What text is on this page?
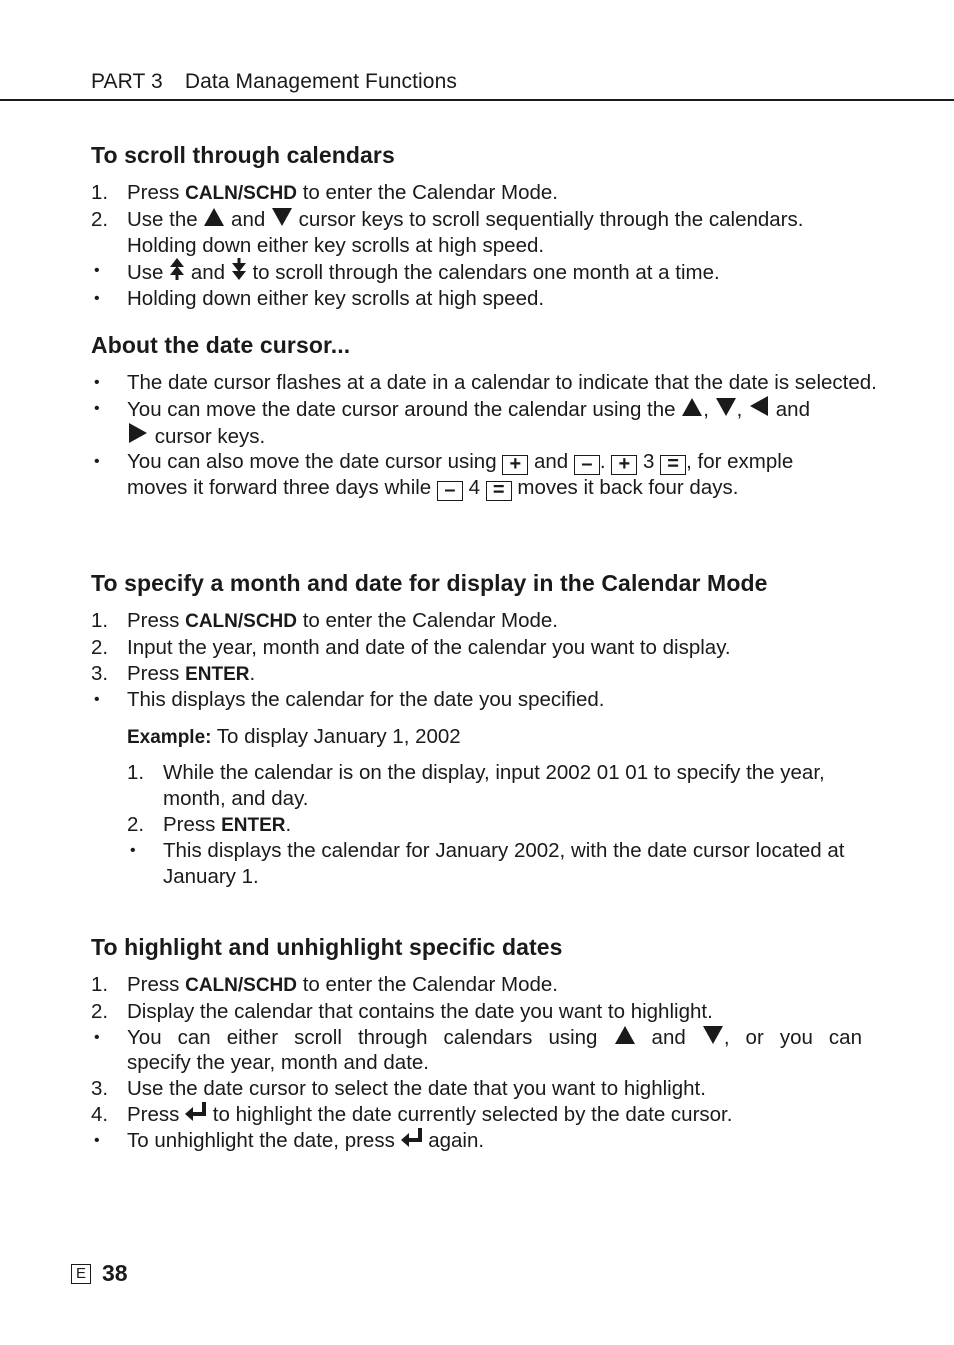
PART 3 Data Management Functions
To scroll through calendars
1. Press CALN/SCHD to enter the Calendar Mode.
2. Use the  and  cursor keys to scroll sequentially through the calendars.
Holding down either key scrolls at high speed.
• Use  and  to scroll through the calendars one month at a time.
• Holding down either key scrolls at high speed.
About the date cursor...
• The date cursor flashes at a date in a calendar to indicate that the date is selected.
• You can move the date cursor around the calendar using the , ,  and
cursor keys.
• You can also move the date cursor using + and – . + 3 = , for exmple
moves it forward three days while – 4 = moves it back four days.
To specify a month and date for display in the Calendar Mode
1. Press CALN/SCHD to enter the Calendar Mode.
2. Input the year, month and date of the calendar you want to display.
3. Press ENTER.
• This displays the calendar for the date you specified.
Example: To display January 1, 2002
1. While the calendar is on the display, input 2002 01 01 to specify the year, month, and day.
2. Press ENTER.
• This displays the calendar for January 2002, with the date cursor located at January 1.
To highlight and unhighlight specific dates
1. Press CALN/SCHD to enter the Calendar Mode.
2. Display the calendar that contains the date you want to highlight.
• You can either scroll through calendars using  and , or you can
specify the year, month and date.
3. Use the date cursor to select the date that you want to highlight.
4. Press  to highlight the date currently selected by the date cursor.
• To unhighlight the date, press  again.
E 38
